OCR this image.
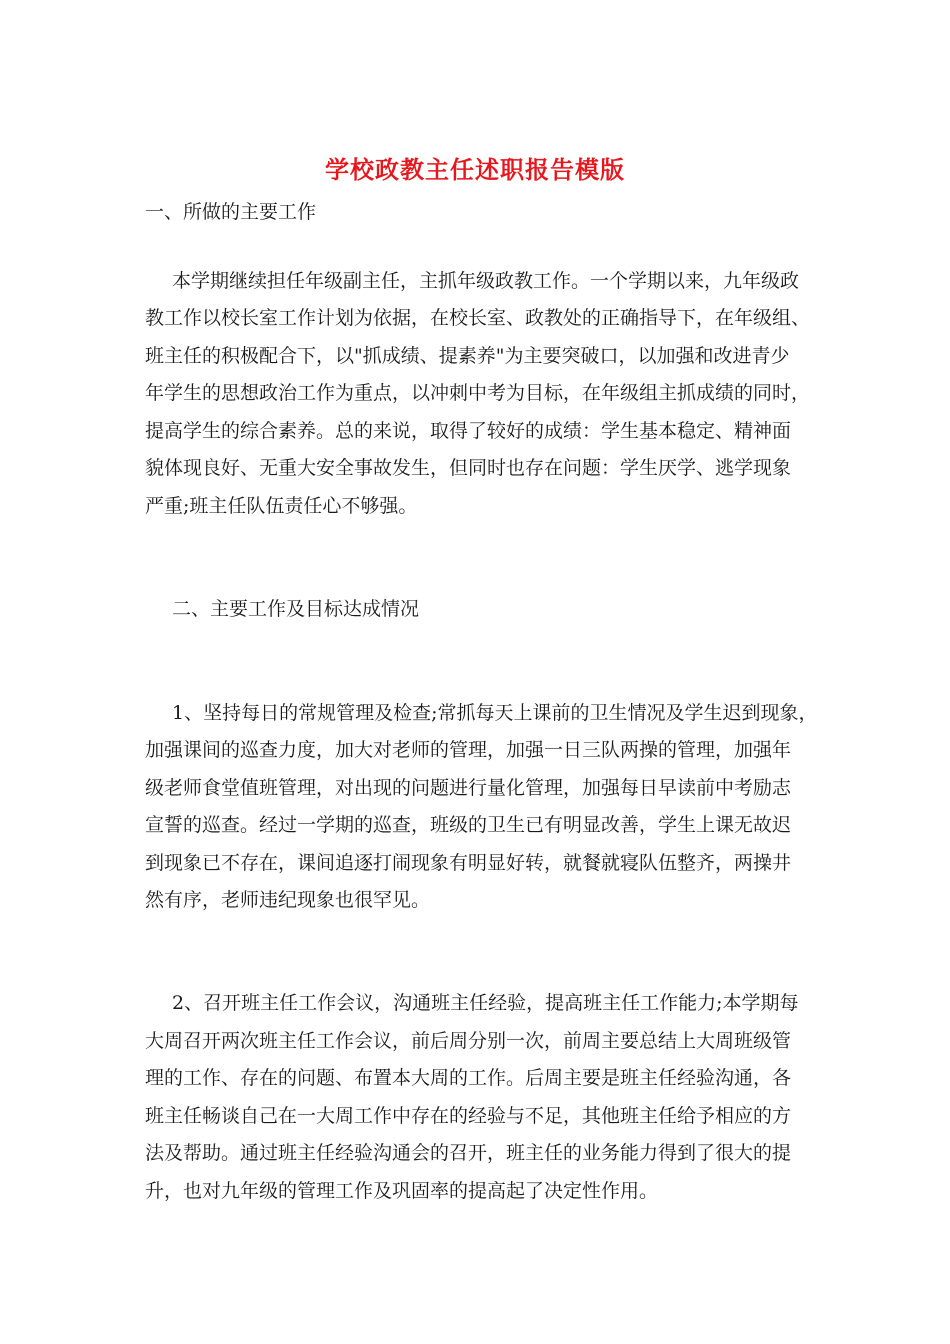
学校政教主任述职报告模版

一、所做的主要工作

本学期继续担任年级副主任，主抓年级政教工作。一个学期以来，九年级政

教工作以校长室工作计划为依据，在校长室、政教处的正确指导下，在年级组、

班主任的积极配合下，以"抓成绩、提素养"为主要突破口，以加强和改进青少

年学生的思想政治工作为重点，以冲刺中考为目标，在年级组主抓成绩的同时，

提高学生的综合素养。总的来说，取得了较好的成绩：学生基本稳定、精神面

貌体现良好、无重大安全事故发生，但同时也存在问题：学生厌学、逃学现象

严重;班主任队伍责任心不够强。

二、主要工作及目标达成情况

1、坚持每日的常规管理及检查;常抓每天上课前的卫生情况及学生迟到现象，

加强课间的巡查力度，加大对老师的管理，加强一日三队两操的管理，加强年

级老师食堂值班管理，对出现的问题进行量化管理，加强每日早读前中考励志

宣誓的巡查。经过一学期的巡查，班级的卫生已有明显改善，学生上课无故迟

到现象已不存在，课间追逐打闹现象有明显好转，就餐就寝队伍整齐，两操井

然有序，老师违纪现象也很罕见。

2、召开班主任工作会议，沟通班主任经验，提高班主任工作能力;本学期每

大周召开两次班主任工作会议，前后周分别一次，前周主要总结上大周班级管

理的工作、存在的问题、布置本大周的工作。后周主要是班主任经验沟通，各

班主任畅谈自己在一大周工作中存在的经验与不足，其他班主任给予相应的方

法及帮助。通过班主任经验沟通会的召开，班主任的业务能力得到了很大的提

升，也对九年级的管理工作及巩固率的提高起了决定性作用。
